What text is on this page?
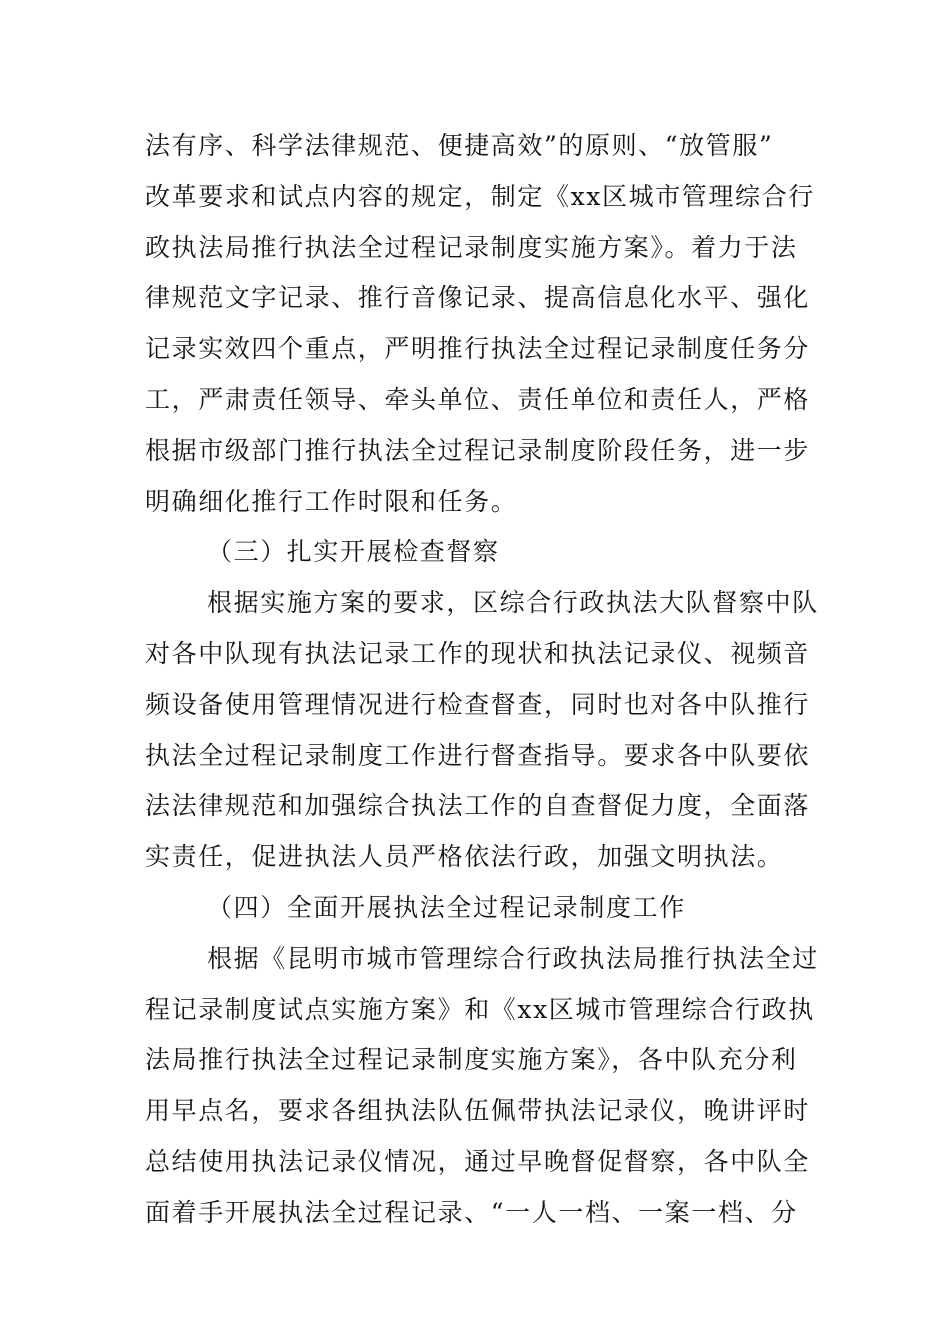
法有序、科学法律规范、便捷高效”的原则、“放管服”
改革要求和试点内容的规定，制定《xx区城市管理综合行
政执法局推行执法全过程记录制度实施方案》。着力于法
律规范文字记录、推行音像记录、提高信息化水平、强化
记录实效四个重点，严明推行执法全过程记录制度任务分
工，严肃责任领导、牵头单位、责任单位和责任人，严格
根据市级部门推行执法全过程记录制度阶段任务，进一步
明确细化推行工作时限和任务。
（三）扎实开展检查督察
根据实施方案的要求，区综合行政执法大队督察中队
对各中队现有执法记录工作的现状和执法记录仪、视频音
频设备使用管理情况进行检查督查，同时也对各中队推行
执法全过程记录制度工作进行督查指导。要求各中队要依
法法律规范和加强综合执法工作的自查督促力度，全面落
实责任，促进执法人员严格依法行政，加强文明执法。
（四）全面开展执法全过程记录制度工作
根据《昆明市城市管理综合行政执法局推行执法全过
程记录制度试点实施方案》和《xx区城市管理综合行政执
法局推行执法全过程记录制度实施方案》，各中队充分利
用早点名，要求各组执法队伍佩带执法记录仪，晚讲评时
总结使用执法记录仪情况，通过早晚督促督察，各中队全
面着手开展执法全过程记录、“一人一档、一案一档、分
